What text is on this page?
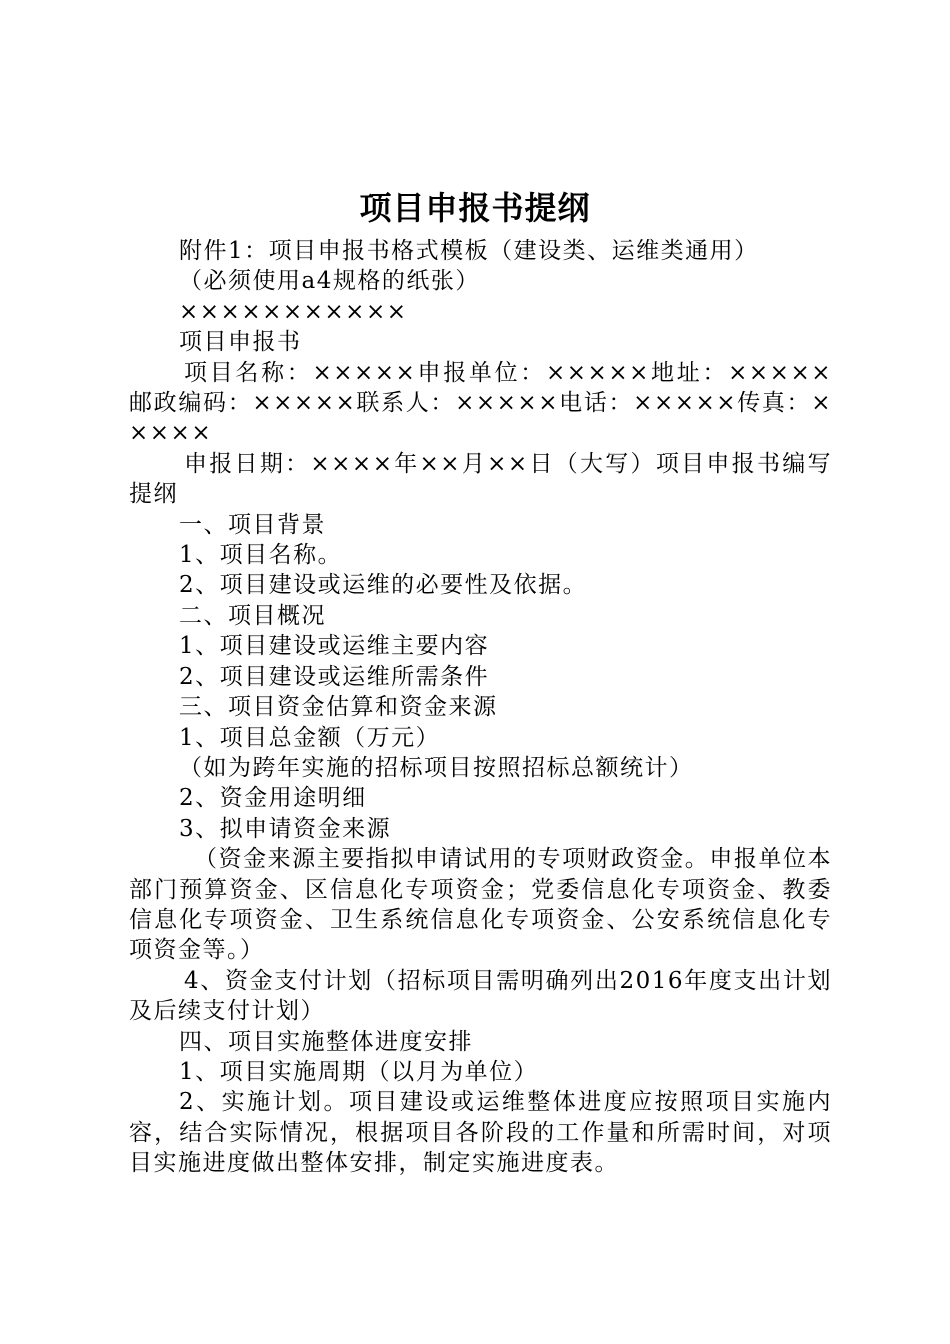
项目申报书提纲

附件1：项目申报书格式模板（建设类、运维类通用）

（必须使用a4规格的纸张）

×××××××××××

项目申报书

项目名称：×××××申报单位：×××××地址：×××××邮政编码：×××××联系人：×××××电话：×××××传真：×××××

申报日期：××××年××月××日（大写）项目申报书编写提纲

一、项目背景

1、项目名称。

2、项目建设或运维的必要性及依据。

二、项目概况

1、项目建设或运维主要内容

2、项目建设或运维所需条件

三、项目资金估算和资金来源

1、项目总金额（万元）

（如为跨年实施的招标项目按照招标总额统计）

2、资金用途明细

3、拟申请资金来源

（资金来源主要指拟申请试用的专项财政资金。申报单位本部门预算资金、区信息化专项资金；党委信息化专项资金、教委信息化专项资金、卫生系统信息化专项资金、公安系统信息化专项资金等。）

4、资金支付计划（招标项目需明确列出2016年度支出计划及后续支付计划）

四、项目实施整体进度安排

1、项目实施周期（以月为单位）

2、实施计划。项目建设或运维整体进度应按照项目实施内容，结合实际情况，根据项目各阶段的工作量和所需时间，对项目实施进度做出整体安排，制定实施进度表。
